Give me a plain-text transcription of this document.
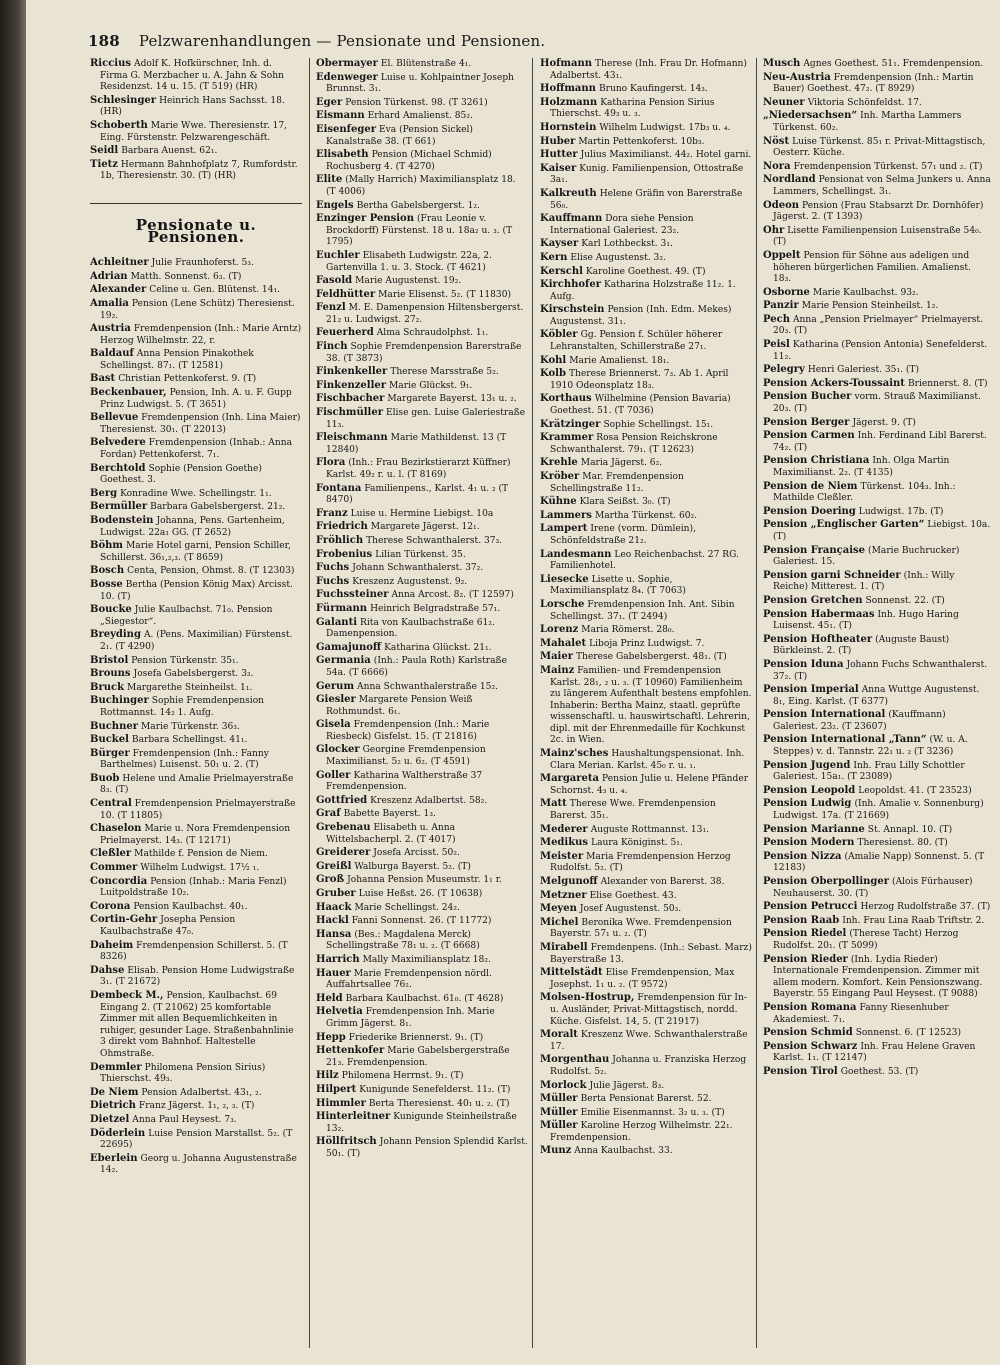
188 Pelzwarenhandlungen — Pensionate und Pensionen.
Riccius Adolf K. Hofkürschner, Inh. d. Firma G. Merzbacher u. A. Jahn & Sohn Residenzst. 14 u. 15. (T 519) (HR)
Schlesinger Heinrich Hans Sachsst. 18. (HR)
Schoberth Marie Wwe. Theresienstr. 17, Eing. Fürstenstr. Pelzwarengeschäft.
Seidl Barbara Auenst. 62₁.
Tietz Hermann Bahnhofplatz 7, Rumfordstr. 1b, Theresienstr. 30. (T) (HR)
Pensionate u. Pensionen.
Achleitner Julie Fraunhoferst. 5₃.
Adrian Matth. Sonnenst. 6₃. (T)
Alexander Celine u. Gen. Blütenst. 14₁.
Amalia Pension (Lene Schütz) Theresienst. 19₂.
Austria Fremdenpension (Inh.: Marie Arntz) Herzog Wilhelmstr. 22, r.
Baldauf Anna Pension Pinakothek Schellingst. 87₁. (T 12581)
Bast Christian Pettenkoferst. 9. (T)
Beckenbauer, Pension, Inh. A. u. F. Gupp Prinz Ludwigst. 5. (T 3651)
Bellevue Fremdenpension (Inh. Lina Maier) Theresienst. 30₁. (T 22013)
Belvedere Fremdenpension (Inhab.: Anna Fordan) Pettenkoferst. 7₁.
Berchtold Sophie (Pension Goethe) Goethest. 3.
Berg Konradine Wwe. Schellingstr. 1₁.
Bermüller Barbara Gabelsbergerst. 21₂.
Bodenstein Johanna, Pens. Gartenheim, Ludwigst. 22a₁ GG. (T 2652)
Böhm Marie Hotel garni, Pension Schiller, Schillerst. 36₁,₂,₃. (T 8659)
Bosch Centa, Pension, Ohmst. 8. (T 12303)
Bosse Bertha (Pension König Max) Arcisst. 10. (T)
Boucke Julie Kaulbachst. 71₀. Pension „Siegestor“.
Breyding A. (Pens. Maximilian) Fürstenst. 2₁. (T 4290)
Bristol Pension Türkenstr. 35₁.
Brouns Josefa Gabelsbergerst. 3₃.
Bruck Margarethe Steinheilst. 1₁.
Buchinger Sophie Fremdenpension Rottmannst. 14₂ 1. Aufg.
Buchner Marie Türkenstr. 36₃.
Buckel Barbara Schellingst. 41₁.
Bürger Fremdenpension (Inh.: Fanny Barthelmes) Luisenst. 50₁ u. 2. (T)
Buob Helene und Amalie Prielmayerstraße 8₃. (T)
Central Fremdenpension Prielmayerstraße 10. (T 11805)
Chaselon Marie u. Nora Fremdenpension Prielmayerst. 14₃. (T 12171)
Cleßler Mathilde f. Pension de Niem.
Commer Wilhelm Ludwigst. 17½ ₁.
Concordia Pension (Inhab.: Maria Fenzl) Luitpoldstraße 10₂.
Corona Pension Kaulbachst. 40₁.
Cortin-Gehr Josepha Pension Kaulbachstraße 47₀.
Daheim Fremdenpension Schillerst. 5. (T 8326)
Dahse Elisab. Pension Home Ludwigstraße 3₁. (T 21672)
Dembeck M., Pension, Kaulbachst. 69 Eingang 2. (T 21062) 25 komfortable Zimmer mit allen Bequemlichkeiten in ruhiger, gesunder Lage. Straßenbahnlinie 3 direkt vom Bahnhof. Haltestelle Ohmstraße.
Demmler Philomena Pension Sirius) Thierschst. 49₃.
De Niem Pension Adalbertst. 43₁, ₂.
Dietrich Franz Jägerst. 1₁, ₂, ₃. (T)
Dietzel Anna Paul Heysest. 7₃.
Döderlein Luise Pension Marstallst. 5₂. (T 22695)
Eberlein Georg u. Johanna Augustenstraße 14₂.
Obermayer El. Blütenstraße 4₁.
Edenweger Luise u. Kohlpaintner Joseph Brunnst. 3₁.
Eger Pension Türkenst. 98. (T 3261)
Eismann Erhard Amalienst. 85₂.
Eisenfeger Eva (Pension Sickel) Kanalstraße 38. (T 661)
Elisabeth Pension (Michael Schmid) Rochusberg 4. (T 4270)
Elite (Mally Harrich) Maximiliansplatz 18. (T 4006)
Engels Bertha Gabelsbergerst. 1₂.
Enzinger Pension (Frau Leonie v. Brockdorff) Fürstenst. 18 u. 18a₂ u. ₃. (T 1795)
Euchler Elisabeth Ludwigstr. 22a, 2. Gartenvilla 1. u. 3. Stock. (T 4621)
Fasold Marie Augustenst. 19₂.
Feldhütter Marie Elisenst. 5₂. (T 11830)
Fenzl M. E. Damenpension Hiltensbergerst. 21₂ u. Ludwigst. 27₂.
Feuerherd Alma Schraudolphst. 1₁.
Finch Sophie Fremdenpension Barerstraße 38. (T 3873)
Finkenkeller Therese Marsstraße 5₂.
Finkenzeller Marie Glückst. 9₁.
Fischbacher Margarete Bayerst. 13₁ u. ₂.
Fischmüller Elise gen. Luise Galeriestraße 11₃.
Fleischmann Marie Mathildenst. 13 (T 12840)
Flora (Inh.: Frau Bezirkstierarzt Küffner) Karlst. 49₂ r. u. l. (T 8169)
Fontana Familienpens., Karlst. 4₁ u. ₂ (T 8470)
Franz Luise u. Hermine Liebigst. 10a
Friedrich Margarete Jägerst. 12₁.
Fröhlich Therese Schwanthalerst. 37₃.
Frobenius Lilian Türkenst. 35.
Fuchs Johann Schwanthalerst. 37₂.
Fuchs Kreszenz Augustenst. 9₂.
Fuchssteiner Anna Arcost. 8₂. (T 12597)
Fürmann Heinrich Belgradstraße 57₁.
Galanti Rita von Kaulbachstraße 61₂. Damenpension.
Gamajunoff Katharina Glückst. 21₁.
Germania (Inh.: Paula Roth) Karlstraße 54a. (T 6666)
Gerum Anna Schwanthalerstraße 15₂.
Giesler Margarete Pension Weiß Rothmundst. 6₁.
Gisela Fremdenpension (Inh.: Marie Riesbeck) Gisfelst. 15. (T 21816)
Glocker Georgine Fremdenpension Maximilianst. 5₂ u. 6₂. (T 4591)
Goller Katharina Waltherstraße 37 Fremdenpension.
Gottfried Kreszenz Adalbertst. 58₂.
Graf Babette Bayerst. 1₃.
Grebenau Elisabeth u. Anna Wittelsbacherpl. 2. (T 4017)
Greiderer Josefa Arcisst. 50₂.
Greißl Walburga Bayerst. 5₂. (T)
Groß Johanna Pension Museumstr. 1₁ r.
Gruber Luise Heßst. 26. (T 10638)
Haack Marie Schellingst. 24₂.
Hackl Fanni Sonnenst. 26. (T 11772)
Hansa (Bes.: Magdalena Merck) Schellingstraße 78₁ u. ₂. (T 6668)
Harrich Mally Maximiliansplatz 18₂.
Hauer Marie Fremdenpension nördl. Auffahrtsallee 76₂.
Held Barbara Kaulbachst. 61₀. (T 4628)
Helvetia Fremdenpension Inh. Marie Grimm Jägerst. 8₁.
Hepp Friederike Briennerst. 9₁. (T)
Hettenkofer Marie Gabelsbergerstraße 21₃. Fremdenpension.
Hilz Philomena Herrnst. 9₁. (T)
Hilpert Kunigunde Senefelderst. 11₂. (T)
Himmler Berta Theresienst. 40₁ u. ₂. (T)
Hinterleitner Kunigunde Steinheilstraße 13₂.
Höllfritsch Johann Pension Splendid Karlst. 50₁. (T)
Hofmann Therese (Inh. Frau Dr. Hofmann) Adalbertst. 43₁.
Hoffmann Bruno Kaufingerst. 14₃.
Holzmann Katharina Pension Sirius Thierschst. 49₃ u. ₃.
Hornstein Wilhelm Ludwigst. 17b₃ u. ₄.
Huber Martin Pettenkoferst. 10b₃.
Hutter Julius Maximilianst. 44₂. Hotel garni.
Kaiser Kunig. Familienpension, Ottostraße 3a₁.
Kalkreuth Helene Gräfin von Barerstraße 56₀.
Kauffmann Dora siehe Pension International Galeriest. 23₂.
Kayser Karl Lothbeckst. 3₁.
Kern Elise Augustenst. 3₂.
Kerschl Karoline Goethest. 49. (T)
Kirchhofer Katharina Holzstraße 11₂. 1. Aufg.
Kirschstein Pension (Inh. Edm. Mekes) Augustenst. 31₁.
Köbler Gg. Pension f. Schüler höherer Lehranstalten, Schillerstraße 27₁.
Kohl Marie Amalienst. 18₁.
Kolb Therese Briennerst. 7₃. Ab 1. April 1910 Odeonsplatz 18₃.
Korthaus Wilhelmine (Pension Bavaria) Goethest. 51. (T 7036)
Krätzinger Sophie Schellingst. 15₁.
Krammer Rosa Pension Reichskrone Schwanthalerst. 79₁. (T 12623)
Krehle Maria Jägerst. 6₂.
Kröber Mar. Fremdenpension Schellingstraße 11₂.
Kühne Klara Seißst. 3₀. (T)
Lammers Martha Türkenst. 60₂.
Lampert Irene (vorm. Dümlein), Schönfeldstraße 21₂.
Landesmann Leo Reichenbachst. 27 RG. Familienhotel.
Liesecke Lisette u. Sophie, Maximiliansplatz 8₄. (T 7063)
Lorsche Fremdenpension Inh. Ant. Sibin Schellingst. 37₁. (T 2494)
Lorenz Maria Römerst. 28₀.
Mahalet Liboja Prinz Ludwigst. 7.
Maier Therese Gabelsbergerst. 48₁. (T)
Mainz Familien- und Fremdenpension Karlst. 28₁, ₂ u. ₃. (T 10960) Familienheim zu längerem Aufenthalt bestens empfohlen. Inhaberin: Bertha Mainz, staatl. geprüfte wissenschaftl. u. hauswirtschaftl. Lehrerin, dipl. mit der Ehrenmedaille für Kochkunst 2c. in Wien.
Mainz'sches Haushaltungspensionat. Inh. Clara Merian. Karlst. 45₀ r. u. ₁.
Margareta Pension Julie u. Helene Pfänder Schornst. 4₃ u. ₄.
Matt Therese Wwe. Fremdenpension Barerst. 35₁.
Mederer Auguste Rottmannst. 13₁.
Medikus Laura Königinst. 5₁.
Meister Maria Fremdenpension Herzog Rudolfst. 5₂. (T)
Melgunoff Alexander von Barerst. 38.
Metzner Elise Goethest. 43.
Meyen Josef Augustenst. 50₃.
Michel Beronika Wwe. Fremdenpension Bayerstr. 57₁ u. ₂. (T)
Mirabell Fremdenpens. (Inh.: Sebast. Marz) Bayerstraße 13.
Mittelstädt Elise Fremdenpension, Max Josephst. 1₁ u. ₂. (T 9572)
Molsen-Hostrup, Fremdenpension für In- u. Ausländer, Privat-Mittagstisch, nordd. Küche. Gisfelst. 14, 5. (T 21917)
Moralt Kreszenz Wwe. Schwanthalerstraße 17.
Morgenthau Johanna u. Franziska Herzog Rudolfst. 5₂.
Morlock Julie Jägerst. 8₃.
Müller Berta Pensionat Barerst. 52.
Müller Emilie Eisenmannst. 3₂ u. ₃. (T)
Müller Karoline Herzog Wilhelmstr. 22₁. Fremdenpension.
Munz Anna Kaulbachst. 33.
Musch Agnes Goethest. 51₁. Fremdenpension.
Neu-Austria Fremdenpension (Inh.: Martin Bauer) Goethest. 47₂. (T 8929)
Neuner Viktoria Schönfeldst. 17.
„Niedersachsen“ Inh. Martha Lammers Türkenst. 60₂.
Nöst Luise Türkenst. 85₁ r. Privat-Mittagstisch, Oesterr. Küche.
Nora Fremdenpension Türkenst. 57₁ und ₂. (T)
Nordland Pensionat von Selma Junkers u. Anna Lammers, Schellingst. 3₁.
Odeon Pension (Frau Stabsarzt Dr. Dornhöfer) Jägerst. 2. (T 1393)
Ohr Lisette Familienpension Luisenstraße 54₀. (T)
Oppelt Pension für Söhne aus adeligen und höheren bürgerlichen Familien. Amalienst. 18₃.
Osborne Marie Kaulbachst. 93₂.
Panzir Marie Pension Steinheilst. 1₂.
Pech Anna „Pension Prielmayer“ Prielmayerst. 20₃. (T)
Peisl Katharina (Pension Antonia) Senefelderst. 11₂.
Pelegry Henri Galeriest. 35₁. (T)
Pension Ackers-Toussaint Briennerst. 8. (T)
Pension Bucher vorm. Strauß Maximilianst. 20₃. (T)
Pension Berger Jägerst. 9. (T)
Pension Carmen Inh. Ferdinand Libl Barerst. 74₂. (T)
Pension Christiana Inh. Olga Martin Maximilianst. 2₂. (T 4135)
Pension de Niem Türkenst. 104₃. Inh.: Mathilde Cleßler.
Pension Doering Ludwigst. 17b. (T)
Pension „Englischer Garten“ Liebigst. 10a. (T)
Pension Française (Marie Buchrucker) Galeriest. 15.
Pension garni Schneider (Inh.: Willy Reiche) Mitterest. 1. (T)
Pension Gretchen Sonnenst. 22. (T)
Pension Habermaas Inh. Hugo Haring Luisenst. 45₁. (T)
Pension Hoftheater (Auguste Baust) Bürkleinst. 2. (T)
Pension Iduna Johann Fuchs Schwanthalerst. 37₂. (T)
Pension Imperial Anna Wuttge Augustenst. 8₁, Eing. Karlst. (T 6377)
Pension International (Kauffmann) Galeriest. 23₂. (T 23607)
Pension International „Tann“ (W. u. A. Steppes) v. d. Tannstr. 22₁ u. ₂ (T 3236)
Pension Jugend Inh. Frau Lilly Schottler Galeriest. 15a₁. (T 23089)
Pension Leopold Leopoldst. 41. (T 23523)
Pension Ludwig (Inh. Amalie v. Sonnenburg) Ludwigst. 17a. (T 21669)
Pension Marianne St. Annapl. 10. (T)
Pension Modern Theresienst. 80. (T)
Pension Nizza (Amalie Napp) Sonnenst. 5. (T 12183)
Pension Oberpollinger (Alois Fürhauser) Neuhauserst. 30. (T)
Pension Petrucci Herzog Rudolfstraße 37. (T)
Pension Raab Inh. Frau Lina Raab Triftstr. 2.
Pension Riedel (Therese Tacht) Herzog Rudolfst. 20₁. (T 5099)
Pension Rieder (Inh. Lydia Rieder) Internationale Fremdenpension. Zimmer mit allem modern. Komfort. Kein Pensionszwang. Bayerstr. 55 Eingang Paul Heysest. (T 9088)
Pension Romana Fanny Riesenhuber Akademiest. 7₁.
Pension Schmid Sonnenst. 6. (T 12523)
Pension Schwarz Inh. Frau Helene Graven Karlst. 1₁. (T 12147)
Pension Tirol Goethest. 53. (T)
